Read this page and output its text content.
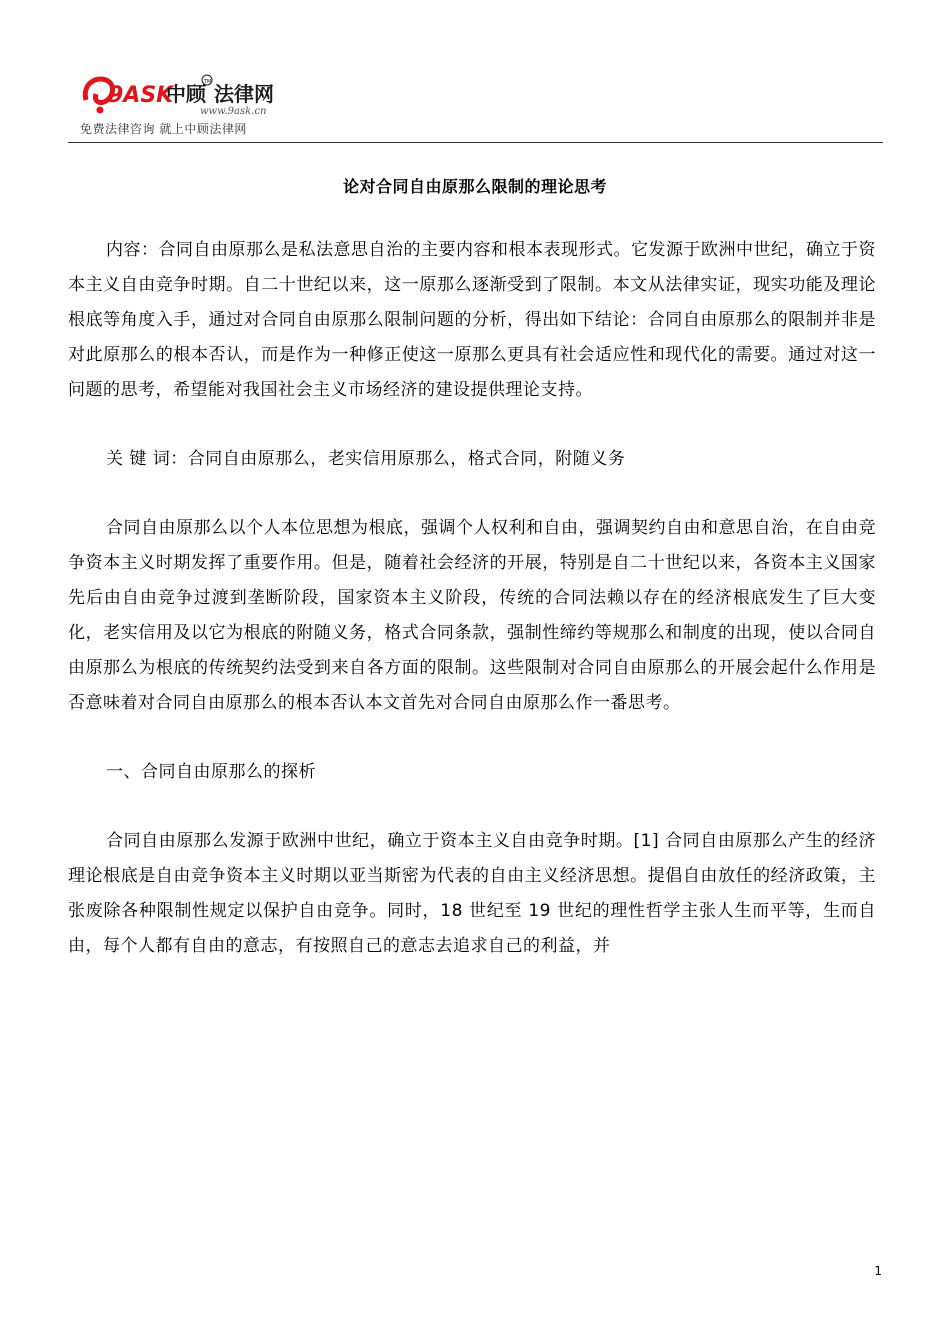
9ASK
中顾 法律网
TM
www.9ask.cn
免费法律咨询 就上中顾法律网
论对合同自由原那么限制的理论思考

内容：合同自由原那么是私法意思自治的主要内容和根本表现形式。它发源于欧洲中世纪，确立于资本主义自由竞争时期。自二十世纪以来，这一原那么逐渐受到了限制。本文从法律实证，现实功能及理论根底等角度入手，通过对合同自由原那么限制问题的分析，得出如下结论：合同自由原那么的限制并非是对此原那么的根本否认，而是作为一种修正使这一原那么更具有社会适应性和现代化的需要。通过对这一问题的思考，希望能对我国社会主义市场经济的建设提供理论支持。

关 键 词：合同自由原那么，老实信用原那么，格式合同，附随义务

合同自由原那么以个人本位思想为根底，强调个人权利和自由，强调契约自由和意思自治，在自由竞争资本主义时期发挥了重要作用。但是，随着社会经济的开展，特别是自二十世纪以来，各资本主义国家先后由自由竞争过渡到垄断阶段，国家资本主义阶段，传统的合同法赖以存在的经济根底发生了巨大变化，老实信用及以它为根底的附随义务，格式合同条款，强制性缔约等规那么和制度的出现，使以合同自由原那么为根底的传统契约法受到来自各方面的限制。这些限制对合同自由原那么的开展会起什么作用是否意味着对合同自由原那么的根本否认本文首先对合同自由原那么作一番思考。

一、合同自由原那么的探析

合同自由原那么发源于欧洲中世纪，确立于资本主义自由竞争时期。[1] 合同自由原那么产生的经济理论根底是自由竞争资本主义时期以亚当斯密为代表的自由主义经济思想。提倡自由放任的经济政策，主张废除各种限制性规定以保护自由竞争。同时，18 世纪至 19 世纪的理性哲学主张人生而平等，生而自由，每个人都有自由的意志，有按照自己的意志去追求自己的利益，并

1
